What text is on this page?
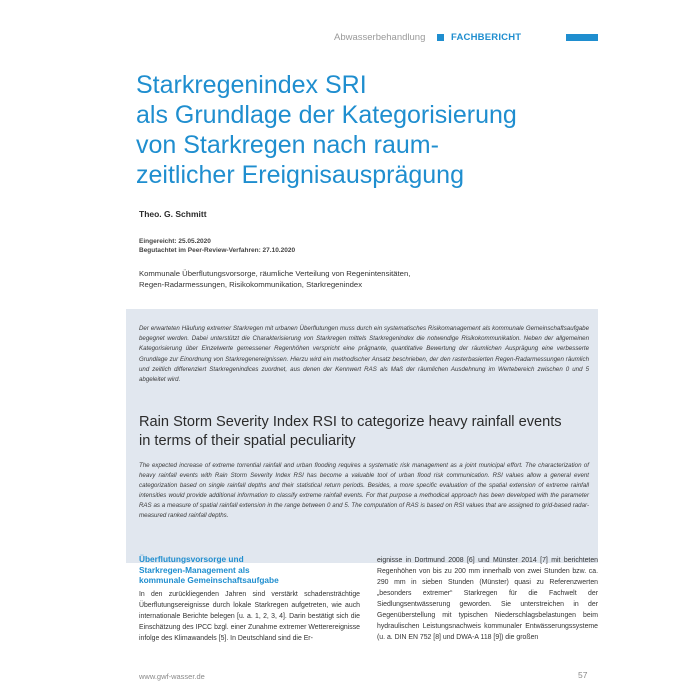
Abwasserbehandlung	FACHBERICHT
Starkregenindex SRI
als Grundlage der Kategorisierung
von Starkregen nach raum-
zeitlicher Ereignisausprägung
Theo. G. Schmitt
Eingereicht: 25.05.2020
Begutachtet im Peer-Review-Verfahren: 27.10.2020
Kommunale Überflutungsvorsorge, räumliche Verteilung von Regenintensitäten,
Regen-Radarmessungen, Risikokommunikation, Starkregenindex

Der erwarteten Häufung extremer Starkregen mit urbanen Überflutungen muss durch ein systematisches Risikomanagement als kommunale Gemeinschaftsaufgabe begegnet werden. Dabei unterstützt die Charakterisierung von Starkregen mittels Starkregenindex die notwendige Risikokommunikation. Neben der allgemeinen Kategorisierung über Einzelwerte gemessener Regenhöhen verspricht eine prägnante, quantitative Bewertung der räumlichen Ausprägung eine verbesserte Grundlage zur Einordnung von Starkregenereignissen. Hierzu wird ein methodischer Ansatz beschrieben, der den rasterbasierten Regen-Radarmessungen räumlich und zeitlich differenziert Starkregenindices zuordnet, aus denen der Kennwert RAS als Maß der räumlichen Ausdehnung im Wertebereich zwischen 0 und 5 abgeleitet wird.

Rain Storm Severity Index RSI to categorize heavy rainfall events
in terms of their spatial peculiarity

The expected increase of extreme torrential rainfall and urban flooding requires a systematic risk management as a joint municipal effort. The characterization of heavy rainfall events with Rain Storm Severity Index RSI has become a valuable tool of urban flood risk communication. RSI values allow a general event categorization based on single rainfall depths and their statistical return periods. Besides, a more specific evaluation of the spatial extension of extreme rainfall intensities would provide additional information to classify extreme rainfall events. For that purpose a methodical approach has been developed with the parameter RAS as a measure of spatial rainfall extension in the range between 0 and 5. The computation of RAS is based on RSI values that are assigned to grid-based radar-measured ranked rainfall depths.

Überflutungsvorsorge und
Starkregen-Management als
kommunale Gemeinschaftsaufgabe

In den zurückliegenden Jahren sind verstärkt schadensträchtige Überflutungsereignisse durch lokale Starkregen aufgetreten, wie auch internationale Berichte belegen [u. a. 1, 2, 3, 4]. Darin bestätigt sich die Einschätzung des IPCC bzgl. einer Zunahme extremer Wetterereignisse infolge des Klimawandels [5]. In Deutschland sind die Er-

eignisse in Dortmund 2008 [6] und Münster 2014 [7] mit berichteten Regenhöhen von bis zu 200 mm innerhalb von zwei Stunden bzw. ca. 290 mm in sieben Stunden (Münster) quasi zu Referenzwerten „besonders extremer“ Starkregen für die Fachwelt der Siedlungsentwässerung geworden. Sie unterstreichen in der Gegenüberstellung mit typischen Niederschlagsbelastungen beim hydraulischen Leistungsnachweis kommunaler Entwässerungssysteme (u. a. DIN EN 752 [8] und DWA-A 118 [9]) die großen

www.gwf-wasser.de	57
